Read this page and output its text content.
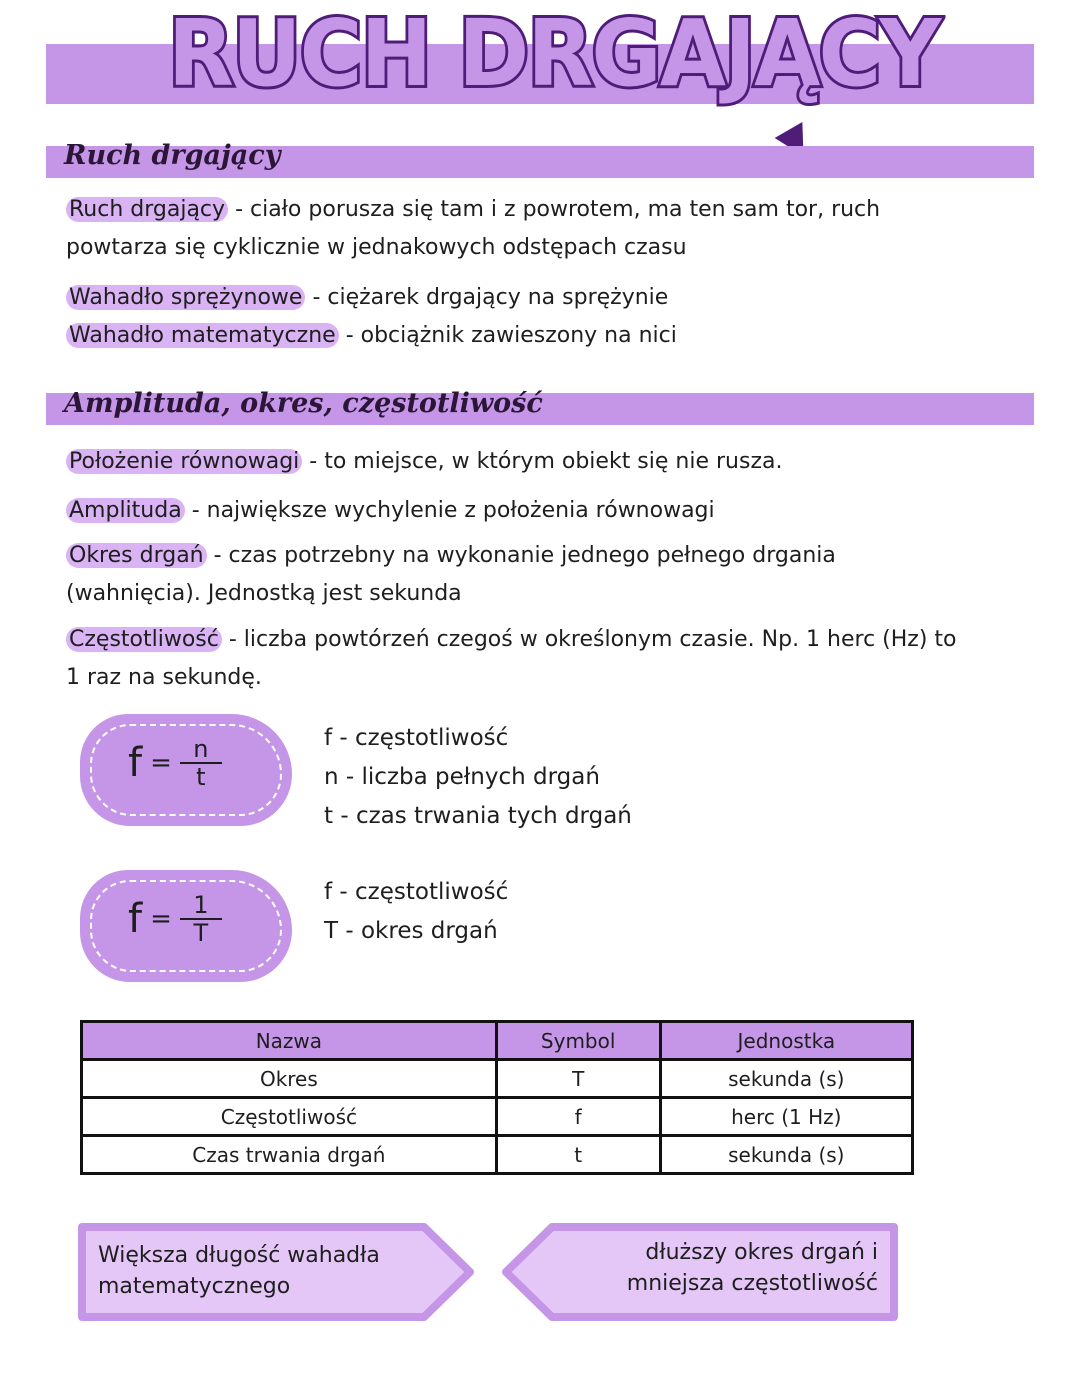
RUCH DRGAJĄCY
Ruch drgający
Ruch drgający - ciało porusza się tam i z powrotem, ma ten sam tor, ruch
powtarza się cyklicznie w jednakowych odstępach czasu
Wahadło sprężynowe - ciężarek drgający na sprężynie
Wahadło matematyczne - obciążnik zawieszony na nici
Amplituda, okres, częstotliwość
Położenie równowagi - to miejsce, w którym obiekt się nie rusza.
Amplituda - największe wychylenie z położenia równowagi
Okres drgań - czas potrzebny na wykonanie jednego pełnego drgania
(wahnięcia). Jednostką jest sekunda
Częstotliwość - liczba powtórzeń czegoś w określonym czasie. Np. 1 herc (Hz) to
1 raz na sekundę.
$f = \frac{n}{t}$	f - częstotliwość
n - liczba pełnych drgań
t - czas trwania tych drgań
$f = \frac{1}{T}$	f - częstotliwość
T - okres drgań
Nazwa	Symbol	Jednostka
Okres	T	sekunda (s)
Częstotliwość	f	herc (1 Hz)
Czas trwania drgań	t	sekunda (s)
Większa długość wahadła
matematycznego
dłuższy okres drgań i
mniejsza częstotliwość
